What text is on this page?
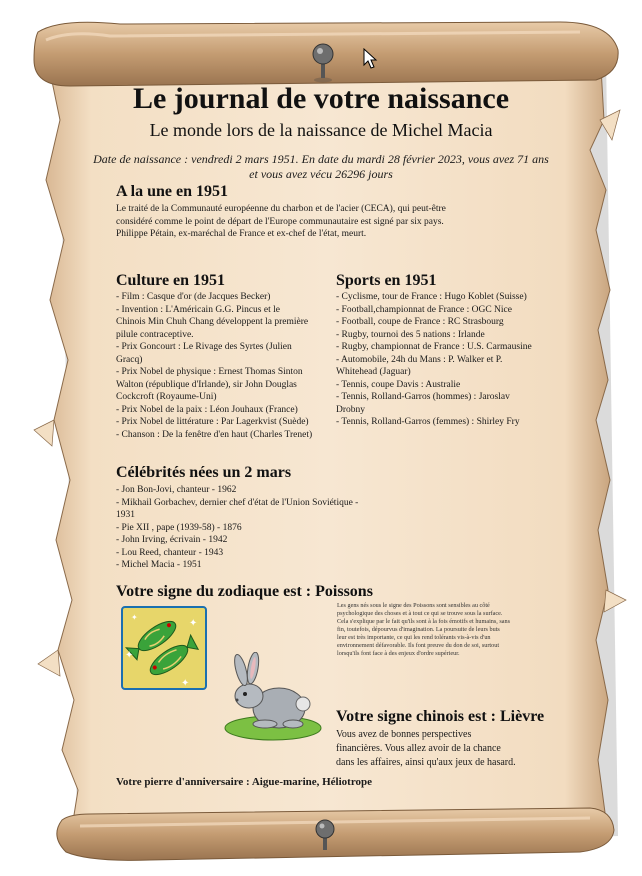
Le journal de votre naissance
Le monde lors de la naissance de Michel Macia
Date de naissance : vendredi 2 mars 1951. En date du mardi 28 février 2023, vous avez 71 ans
et vous avez vécu 26296 jours
A la une en 1951
Le traité de la Communauté européenne du charbon et de l'acier (CECA), qui peut-être
considéré comme le point de départ de l'Europe communautaire est signé par six pays.
Philippe Pétain, ex-maréchal de France et ex-chef de l'état, meurt.
Culture en 1951
- Film : Casque d'or (de Jacques Becker)
- Invention : L'Américain G.G. Pincus et le
Chinois Min Chuh Chang développent la première
pilule contraceptive.
- Prix Goncourt : Le Rivage des Syrtes (Julien
Gracq)
- Prix Nobel de physique : Ernest Thomas Sinton
Walton (république d'Irlande), sir John Douglas
Cockcroft (Royaume-Uni)
- Prix Nobel de la paix : Léon Jouhaux (France)
- Prix Nobel de littérature : Par Lagerkvist (Suède)
- Chanson : De la fenêtre d'en haut (Charles Trenet)
Sports en 1951
- Cyclisme, tour de France : Hugo Koblet (Suisse)
- Football,championnat de France : OGC Nice
- Football, coupe de France : RC Strasbourg
- Rugby, tournoi des 5 nations : Irlande
- Rugby, championnat de France : U.S. Carmausine
- Automobile, 24h du Mans : P. Walker et P.
Whitehead (Jaguar)
- Tennis, coupe Davis : Australie
- Tennis, Rolland-Garros (hommes) : Jaroslav
Drobny
- Tennis, Rolland-Garros (femmes) : Shirley Fry
Célébrités nées un 2 mars
- Jon Bon-Jovi, chanteur - 1962
- Mikhail Gorbachev, dernier chef d'état de l'Union Soviétique -
1931
- Pie XII , pape (1939-58) - 1876
- John Irving, écrivain - 1942
- Lou Reed, chanteur - 1943
- Michel Macia - 1951
Votre signe du zodiaque est : Poissons
Les gens nés sous le signe des Poissons sont sensibles au côté
psychologique des choses et à tout ce qui se trouve sous la surface.
Cela s'explique par le fait qu'ils sont à la fois émotifs et humains, sans
fin, toutefois, dépourvus d'imagination. La poursuite de leurs buts
leur est très importante, ce qui les rend tolérants vis-à-vis d'un
environnement défavorable. Ils font preuve du don de soi, surtout
lorsqu'ils font face à des enjeux d'ordre supérieur.
✦
✦
✦
✦
Votre signe chinois est : Lièvre
Vous avez de bonnes perspectives
financières. Vous allez avoir de la chance
dans les affaires, ainsi qu'aux jeux de hasard.
Votre pierre d'anniversaire : Aigue-marine, Héliotrope
